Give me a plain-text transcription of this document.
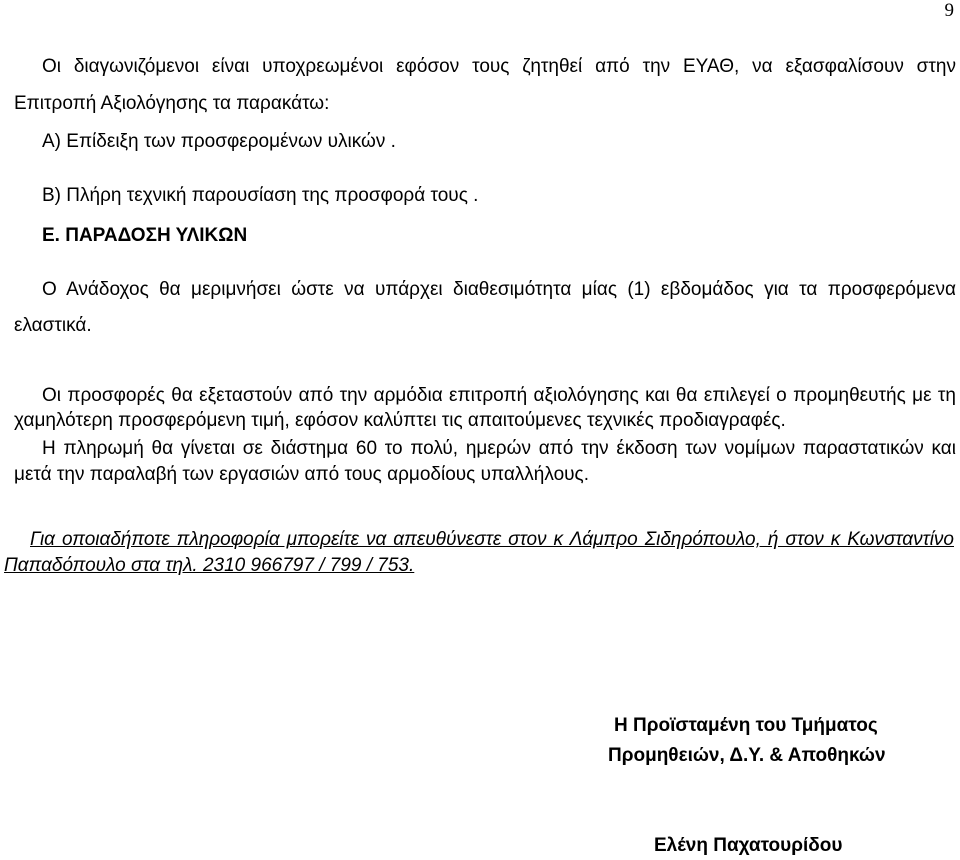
9
Οι διαγωνιζόμενοι είναι υποχρεωμένοι εφόσον τους ζητηθεί από την ΕΥΑΘ, να εξασφαλίσουν στην
Επιτροπή Αξιολόγησης τα παρακάτω:
Α) Επίδειξη των προσφερομένων υλικών .
Β) Πλήρη τεχνική παρουσίαση της προσφορά τους .
Ε. ΠΑΡΑΔΟΣΗ ΥΛΙΚΩΝ
Ο Ανάδοχος θα μεριμνήσει ώστε να υπάρχει διαθεσιμότητα μίας (1) εβδομάδος για τα προσφερόμενα
ελαστικά.
Οι προσφορές θα εξεταστούν από την αρμόδια επιτροπή αξιολόγησης και θα επιλεγεί ο προμηθευτής με τη
χαμηλότερη προσφερόμενη τιμή, εφόσον καλύπτει τις απαιτούμενες τεχνικές προδιαγραφές.
Η πληρωμή θα γίνεται σε διάστημα 60 το πολύ, ημερών από την έκδοση των νομίμων παραστατικών και
μετά την παραλαβή των εργασιών από τους αρμοδίους υπαλλήλους.
Για οποιαδήποτε πληροφορία μπορείτε να απευθύνεστε στον κ Λάμπρο Σιδηρόπουλο, ή στον κ Κωνσταντίνο
Παπαδόπουλο στα τηλ. 2310 966797 / 799 / 753.
Η Προϊσταμένη του Τμήματος
Προμηθειών, Δ.Υ. & Αποθηκών
Ελένη Παχατουρίδου
